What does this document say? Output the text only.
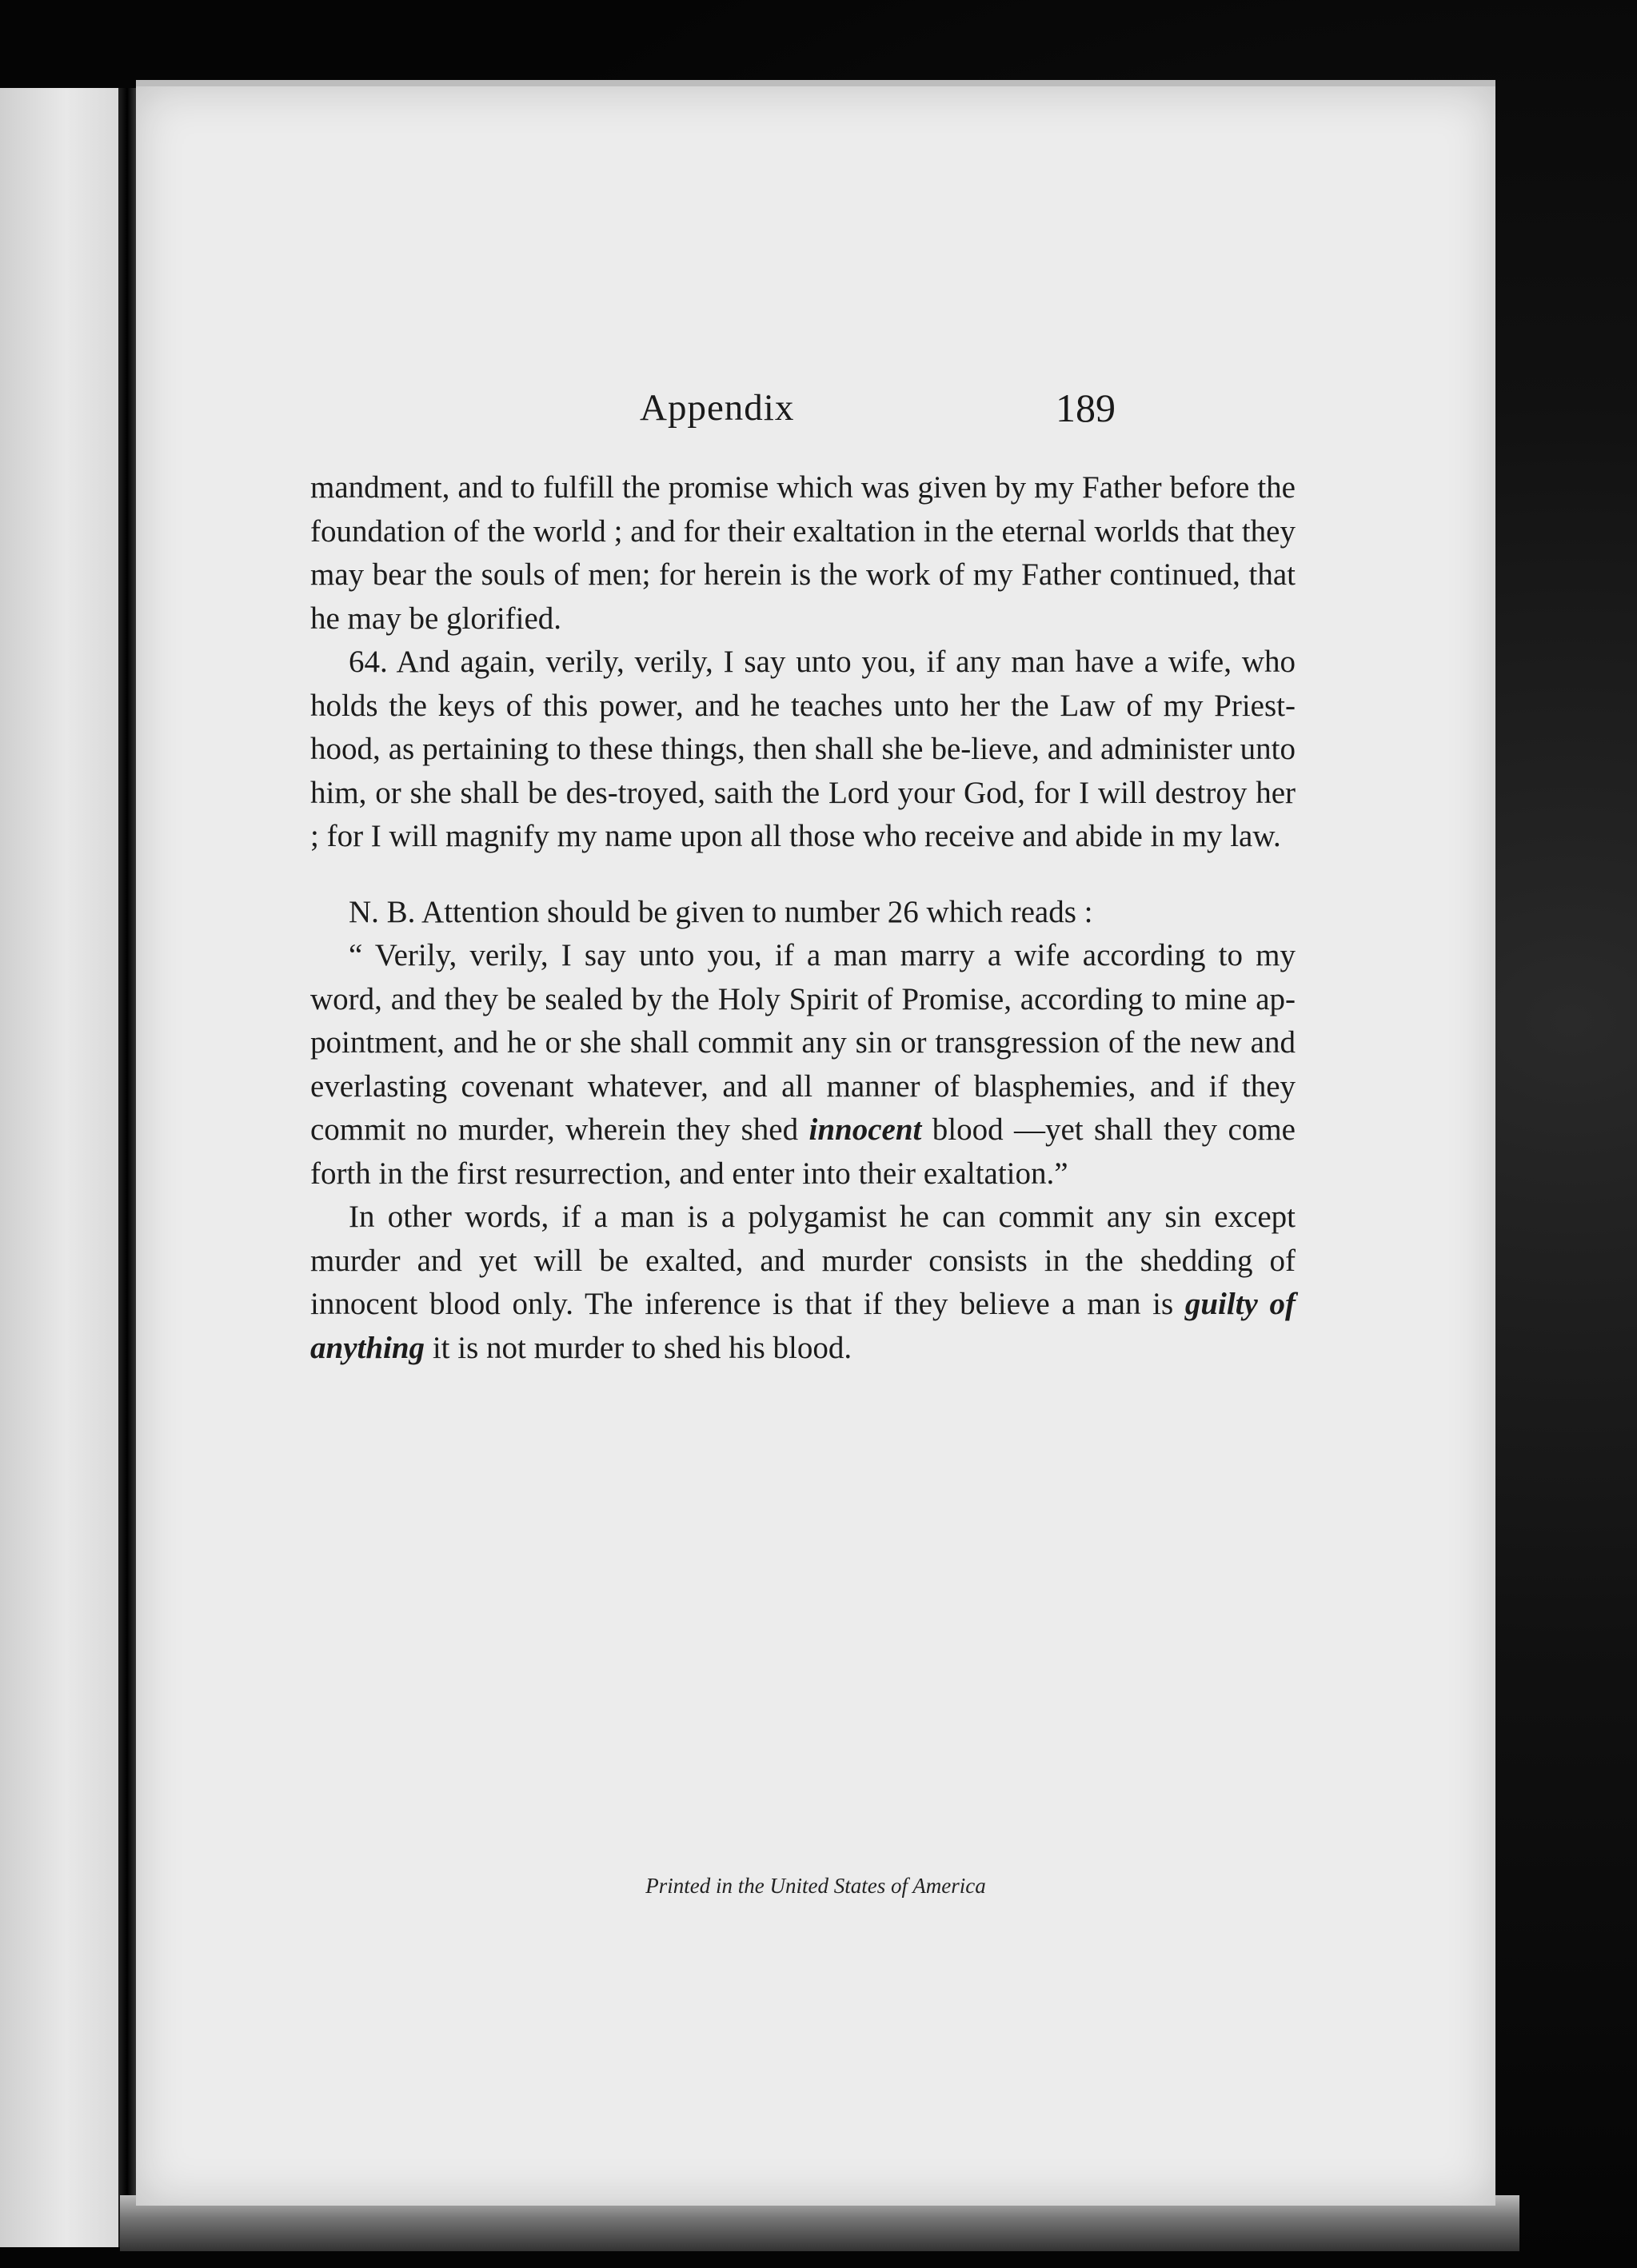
Appendix	189

mandment, and to fulfill the promise which was given by my Father before the foundation of the world ; and for their exaltation in the eternal worlds that they may bear the souls of men; for herein is the work of my Father continued, that he may be glorified.

64. And again, verily, verily, I say unto you, if any man have a wife, who holds the keys of this power, and he teaches unto her the Law of my Priest-hood, as pertaining to these things, then shall she be-lieve, and administer unto him, or she shall be des-troyed, saith the Lord your God, for I will destroy her ; for I will magnify my name upon all those who receive and abide in my law.

N. B. Attention should be given to number 26 which reads :

“ Verily, verily, I say unto you, if a man marry a wife according to my word, and they be sealed by the Holy Spirit of Promise, according to mine ap-pointment, and he or she shall commit any sin or transgression of the new and everlasting covenant whatever, and all manner of blasphemies, and if they commit no murder, wherein they shed innocent blood —yet shall they come forth in the first resurrection, and enter into their exaltation.”

In other words, if a man is a polygamist he can commit any sin except murder and yet will be exalted, and murder consists in the shedding of innocent blood only. The inference is that if they believe a man is guilty of anything it is not murder to shed his blood.

Printed in the United States of America
